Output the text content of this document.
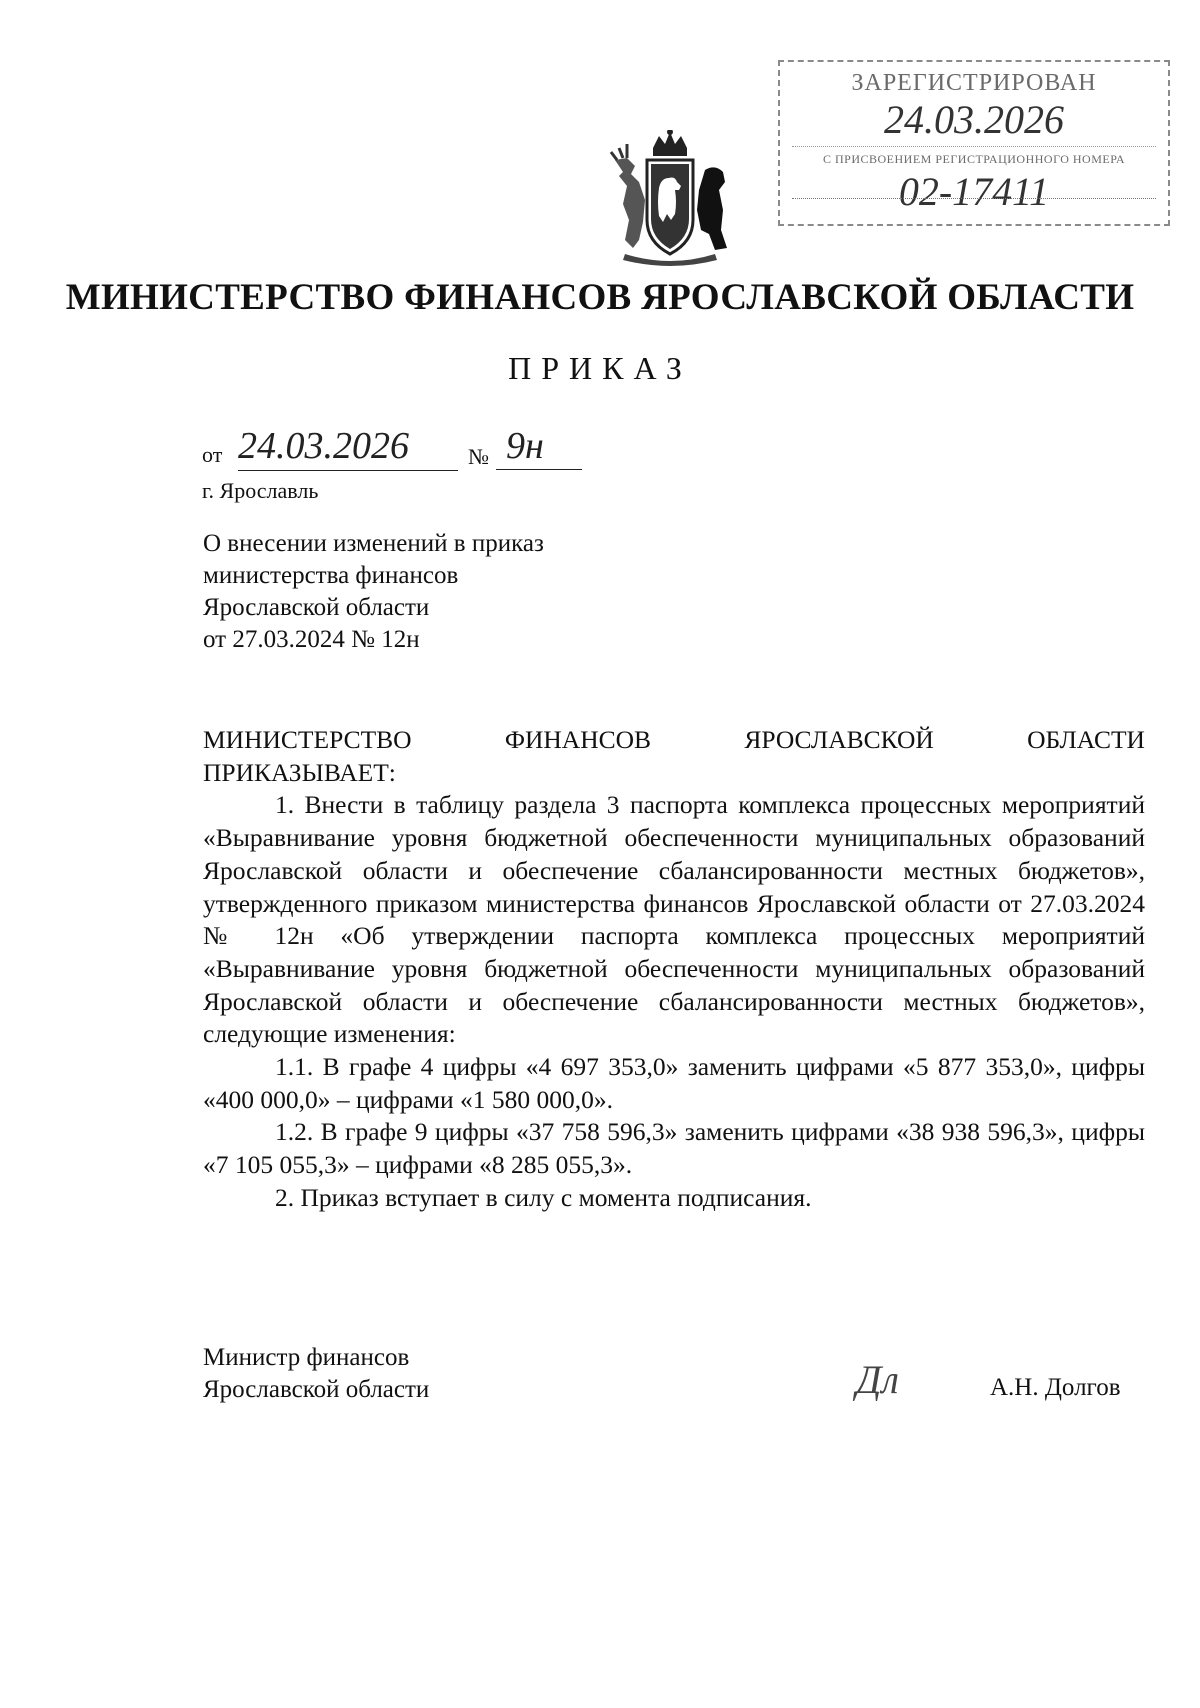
ЗАРЕГИСТРИРОВАН
24.03.2026
С ПРИСВОЕНИЕМ РЕГИСТРАЦИОННОГО НОМЕРА
02-17411
МИНИСТЕРСТВО ФИНАНСОВ ЯРОСЛАВСКОЙ ОБЛАСТИ
ПРИКАЗ
от 24.03.2026	№ 9н
г. Ярославль
О внесении изменений в приказ
министерства финансов
Ярославской области
от 27.03.2024 № 12н
МИНИСТЕРСТВО	ФИНАНСОВ	ЯРОСЛАВСКОЙ	ОБЛАСТИ

ПРИКАЗЫВАЕТ:

1. Внести в таблицу раздела 3 паспорта комплекса процессных мероприятий «Выравнивание уровня бюджетной обеспеченности муниципальных образований Ярославской области и обеспечение сбалансированности местных бюджетов», утвержденного приказом министерства финансов Ярославской области от 27.03.2024 № 12н «Об утверждении паспорта комплекса процессных мероприятий «Выравнивание уровня бюджетной обеспеченности муниципальных образований Ярославской области и обеспечение сбалансированности местных бюджетов», следующие изменения:

1.1. В графе 4 цифры «4 697 353,0» заменить цифрами «5 877 353,0», цифры «400 000,0» – цифрами «1 580 000,0».

1.2. В графе 9 цифры «37 758 596,3» заменить цифрами «38 938 596,3», цифры «7 105 055,3» – цифрами «8 285 055,3».

2. Приказ вступает в силу с момента подписания.

Министр финансов
Ярославской области	Дл	А.Н. Долгов
